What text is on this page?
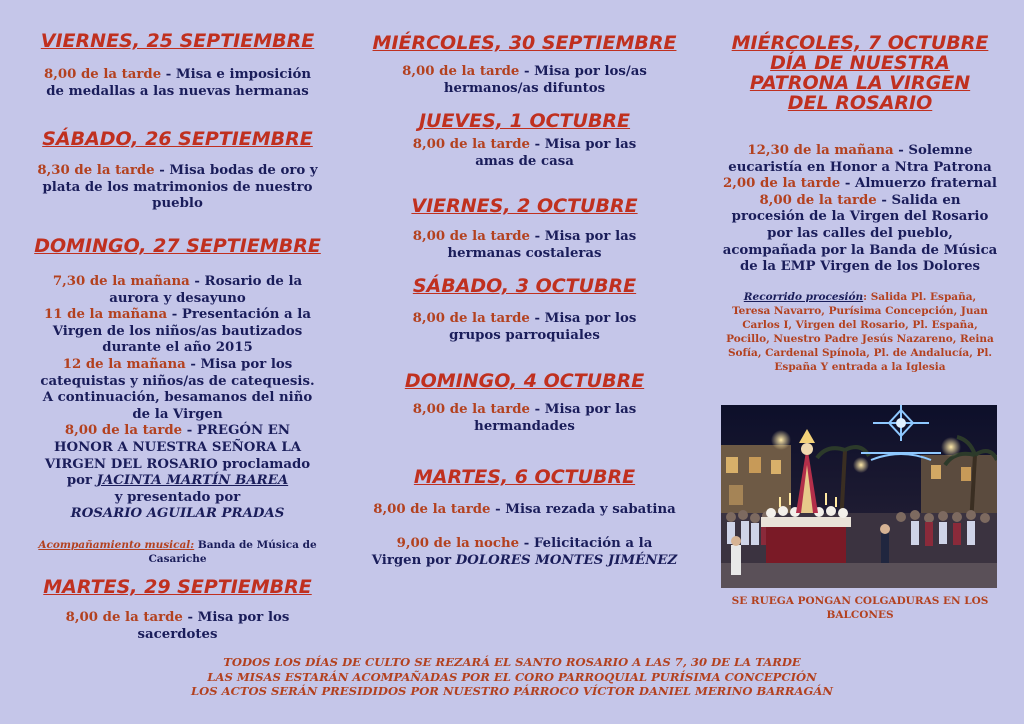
VIERNES, 25 SEPTIEMBRE
8,00 de la tarde - Misa e imposición
de medallas a las nuevas hermanas
SÁBADO, 26 SEPTIEMBRE
8,30 de la tarde - Misa bodas de oro y
plata de los matrimonios de nuestro
pueblo
DOMINGO, 27 SEPTIEMBRE
7,30 de la mañana - Rosario de la
aurora y desayuno
11 de la mañana - Presentación a la
Virgen de los niños/as bautizados
durante el año 2015
12 de la mañana - Misa por los
catequistas y niños/as de catequesis.
A continuación, besamanos del niño
de la Virgen
8,00 de la tarde - PREGÓN EN
HONOR A NUESTRA SEÑORA LA
VIRGEN DEL ROSARIO proclamado
por JACINTA MARTÍN BAREA
y presentado por
ROSARIO AGUILAR PRADAS
Acompañamiento musical: Banda de Música de
Casariche
MARTES, 29 SEPTIEMBRE
8,00 de la tarde - Misa por los
sacerdotes
MIÉRCOLES, 30 SEPTIEMBRE
8,00 de la tarde - Misa por los/as
hermanos/as difuntos
JUEVES, 1 OCTUBRE
8,00 de la tarde - Misa por las
amas de casa
VIERNES, 2 OCTUBRE
8,00 de la tarde - Misa por las
hermanas costaleras
SÁBADO, 3 OCTUBRE
8,00 de la tarde - Misa por los
grupos parroquiales
DOMINGO, 4 OCTUBRE
8,00 de la tarde - Misa por las
hermandades
MARTES, 6 OCTUBRE
8,00 de la tarde - Misa rezada y sabatina
9,00 de la noche - Felicitación a la
Virgen por DOLORES MONTES JIMÉNEZ
MIÉRCOLES, 7 OCTUBRE
DÍA DE NUESTRA
PATRONA LA VIRGEN
DEL ROSARIO
12,30 de la mañana - Solemne
eucaristía en Honor a Ntra Patrona
2,00 de la tarde - Almuerzo fraternal
8,00 de la tarde - Salida en
procesión de la Virgen del Rosario
por las calles del pueblo,
acompañada por la Banda de Música
de la EMP Virgen de los Dolores
Recorrido procesión: Salida Pl. España,
Teresa Navarro, Purísima Concepción, Juan
Carlos I, Virgen del Rosario, Pl. España,
Pocillo, Nuestro Padre Jesús Nazareno, Reina
Sofía, Cardenal Spínola, Pl. de Andalucía, Pl.
España Y entrada a la Iglesia
SE RUEGA PONGAN COLGADURAS EN LOS
BALCONES
TODOS LOS DÍAS DE CULTO SE REZARÁ EL SANTO ROSARIO A LAS 7, 30 DE LA TARDE
LAS MISAS ESTARÁN ACOMPAÑADAS POR EL CORO PARROQUIAL PURÍSIMA CONCEPCIÓN
LOS ACTOS SERÁN PRESIDIDOS POR NUESTRO PÁRROCO VÍCTOR DANIEL MERINO BARRAGÁN
